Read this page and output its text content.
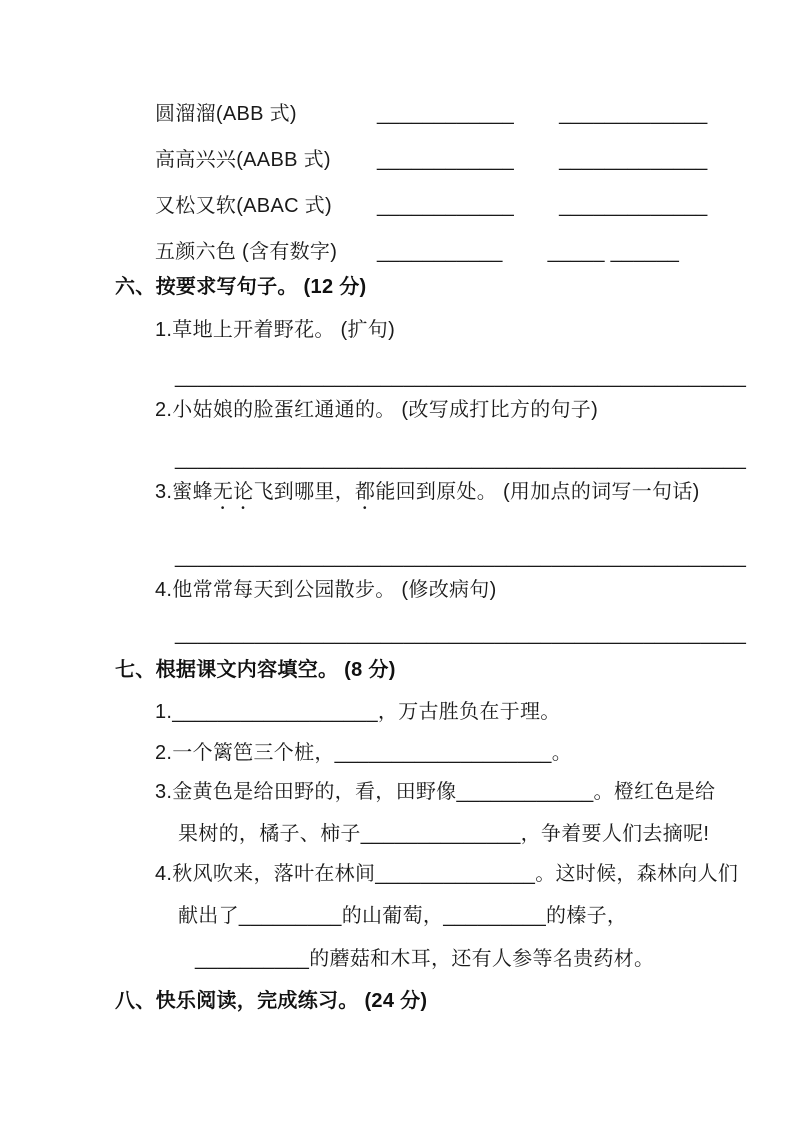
圆溜溜(ABB 式)	____________ _____________
高高兴兴(AABB 式)	____________ _____________
又松又软(ABAC 式)	____________ _____________
五颜六色 (含有数字)	___________ _____ ______
六、按要求写句子。 (12 分)
1.草地上开着野花。 (扩句)
__________________________________________________
2.小姑娘的脸蛋红通通的。 (改写成打比方的句子)
__________________________________________________
3.蜜蜂无论飞到哪里，都能回到原处。 (用加点的词写一句话)
__________________________________________________
4.他常常每天到公园散步。 (修改病句)
__________________________________________________
七、根据课文内容填空。 (8 分)
1.__________________，万古胜负在于理。
2.一个篱笆三个桩，___________________。
3.金黄色是给田野的，看，田野像____________。橙红色是给
果树的，橘子、柿子______________，争着要人们去摘呢!
4.秋风吹来，落叶在林间______________。这时候，森林向人们
献出了_________的山葡萄，_________的榛子，
__________的蘑菇和木耳，还有人参等名贵药材。
八、快乐阅读，完成练习。 (24 分)
